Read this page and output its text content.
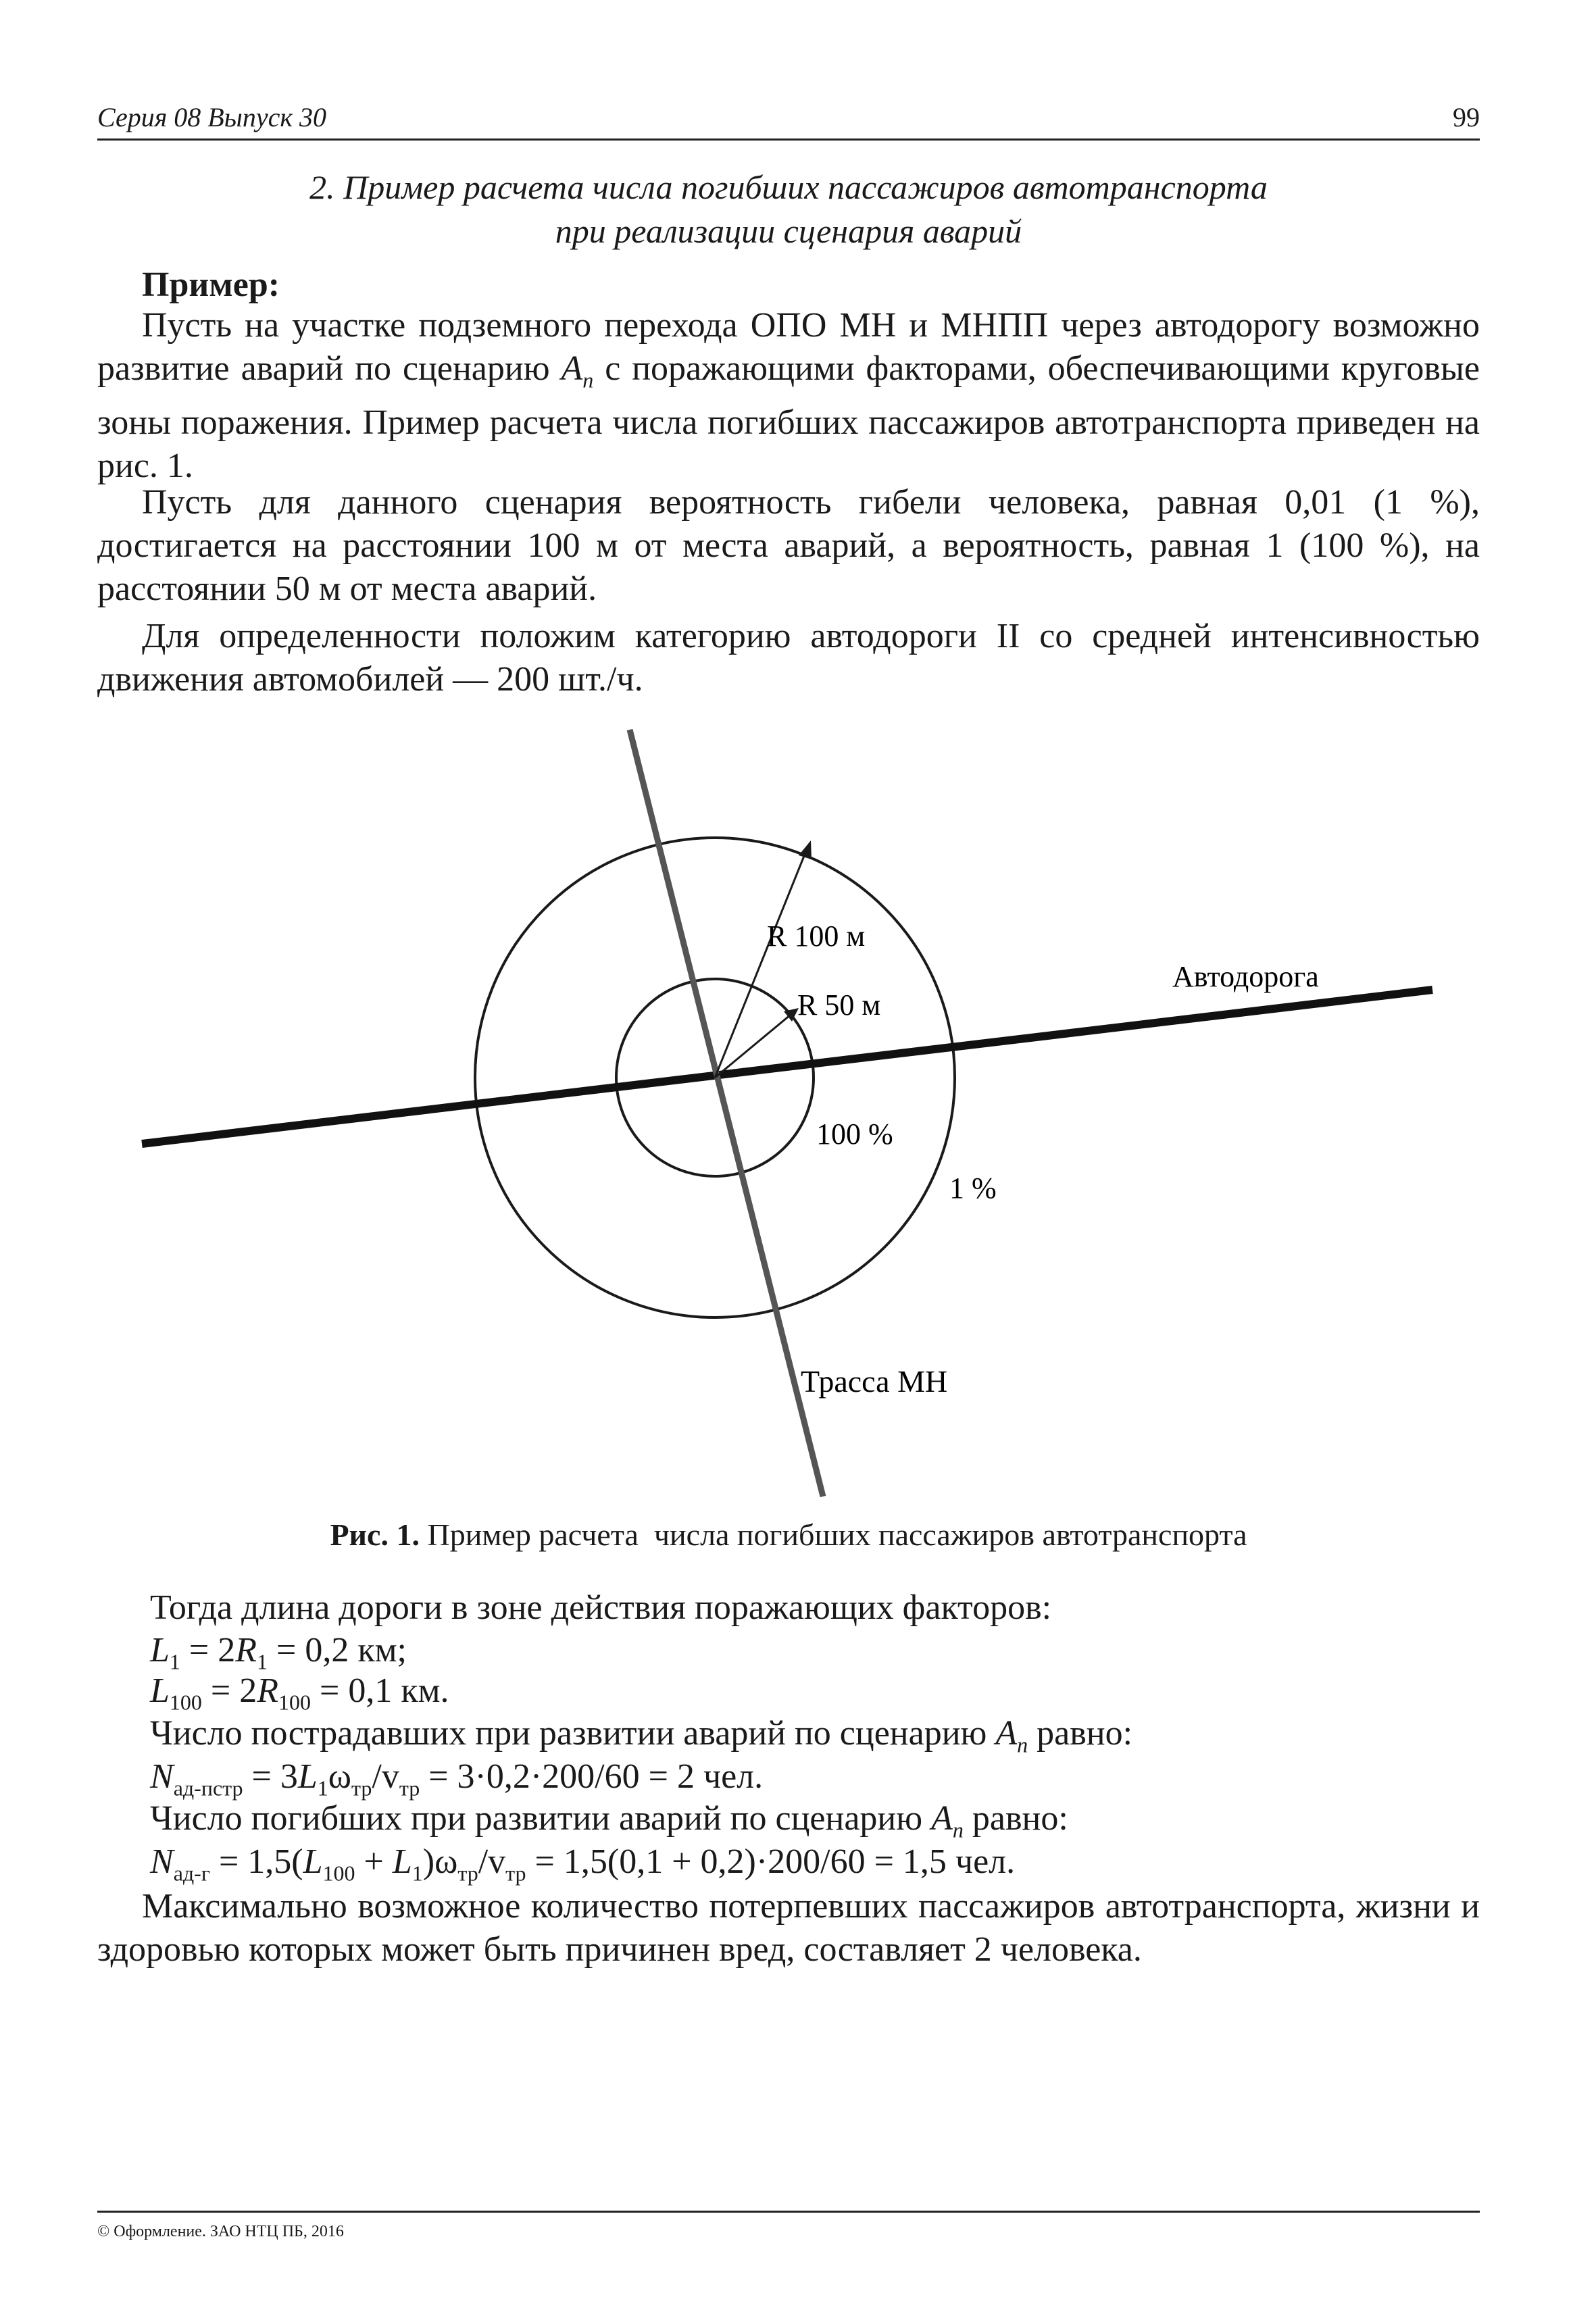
Серия 08 Выпуск 30	99
2. Пример расчета числа погибших пассажиров автотранспорта
при реализации сценария аварий
Пример:

Пусть на участке подземного перехода ОПО МН и МНПП через автодорогу возможно развитие аварий по сценарию $A_n$ с поражающими факторами, обеспечивающими круговые зоны поражения. Пример расчета числа погибших пассажиров автотранспорта приведен на рис. 1.

Пусть для данного сценария вероятность гибели человека, равная 0,01 (1 %), достигается на расстоянии 100 м от места аварий, а вероятность, равная 1 (100 %), на расстоянии 50 м от места аварий.

Для определенности положим категорию автодороги II со средней интенсивностью движения автомобилей — 200 шт./ч.

R 100 м
R 50 м
Автодорога
100 %
1 %
Трасса МН
Рис. 1. Пример расчета  числа погибших пассажиров автотранспорта
Тогда длина дороги в зоне действия поражающих факторов:
$L_1 = 2R_1 = 0,2$ км;
$L_{100} = 2R_{100} = 0,1$ км.
Число пострадавших при развитии аварий по сценарию $A_n$ равно:
$N_{ад-пстр} = 3L_1\omega_{тр}/v_{тр} = 3\cdot 0,2\cdot 200/60 = 2$ чел.
Число погибших при развитии аварий по сценарию $A_n$ равно:
$N_{ад-г} = 1,5(L_{100} + L_1)\omega_{тр}/v_{тр} = 1,5(0,1 + 0,2)\cdot 200/60 = 1,5$ чел.

Максимально возможное количество потерпевших пассажиров автотранспорта, жизни и здоровью которых может быть причинен вред, составляет 2 человека.

© Оформление. ЗАО НТЦ ПБ, 2016
